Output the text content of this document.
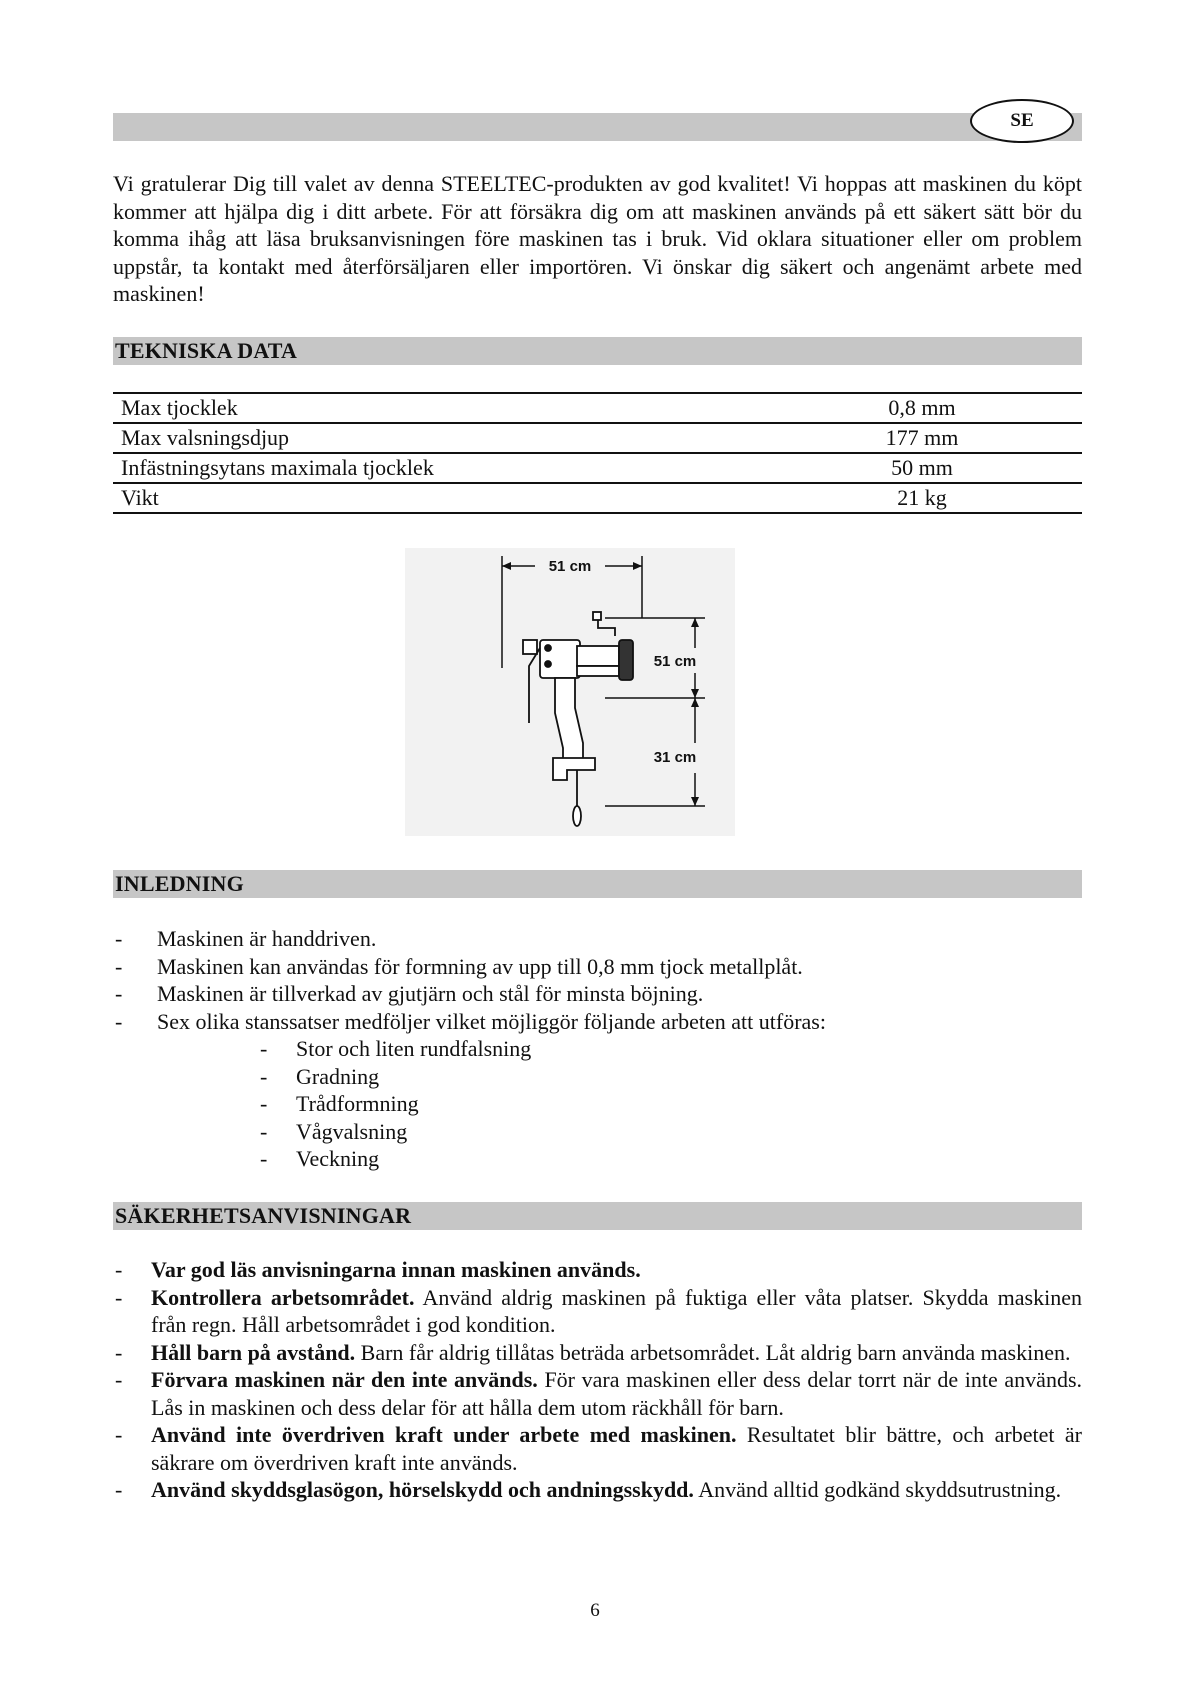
SE
Vi gratulerar Dig till valet av denna STEELTEC-produkten av god kvalitet! Vi hoppas att maskinen du köpt kommer att hjälpa dig i ditt arbete. För att försäkra dig om att maskinen används på ett säkert sätt bör du komma ihåg att läsa bruksanvisningen före maskinen tas i bruk. Vid oklara situationer eller om problem uppstår, ta kontakt med återförsäljaren eller importören. Vi önskar dig säkert och angenämt arbete med maskinen!
TEKNISKA DATA
Max tjocklek	0,8 mm
Max valsningsdjup	177 mm
Infästningsytans maximala tjocklek	50 mm
Vikt	21 kg
51 cm
51 cm
31 cm
INLEDNING
- Maskinen är handdriven.
- Maskinen kan användas för formning av upp till 0,8 mm tjock metallplåt.
- Maskinen är tillverkad av gjutjärn och stål för minsta böjning.
- Sex olika stanssatser medföljer vilket möjliggör följande arbeten att utföras:
- Stor och liten rundfalsning
- Gradning
- Trådformning
- Vågvalsning
- Veckning
SÄKERHETSANVISNINGAR
- Var god läs anvisningarna innan maskinen används.
- Kontrollera arbetsområdet. Använd aldrig maskinen på fuktiga eller våta platser. Skydda maskinen från regn. Håll arbetsområdet i god kondition.
- Håll barn på avstånd. Barn får aldrig tillåtas beträda arbetsområdet. Låt aldrig barn använda maskinen.
- Förvara maskinen när den inte används. För vara maskinen eller dess delar torrt när de inte används. Lås in maskinen och dess delar för att hålla dem utom räckhåll för barn.
- Använd inte överdriven kraft under arbete med maskinen. Resultatet blir bättre, och arbetet är säkrare om överdriven kraft inte används.
- Använd skyddsglasögon, hörselskydd och andningsskydd. Använd alltid godkänd skyddsutrustning.
6
